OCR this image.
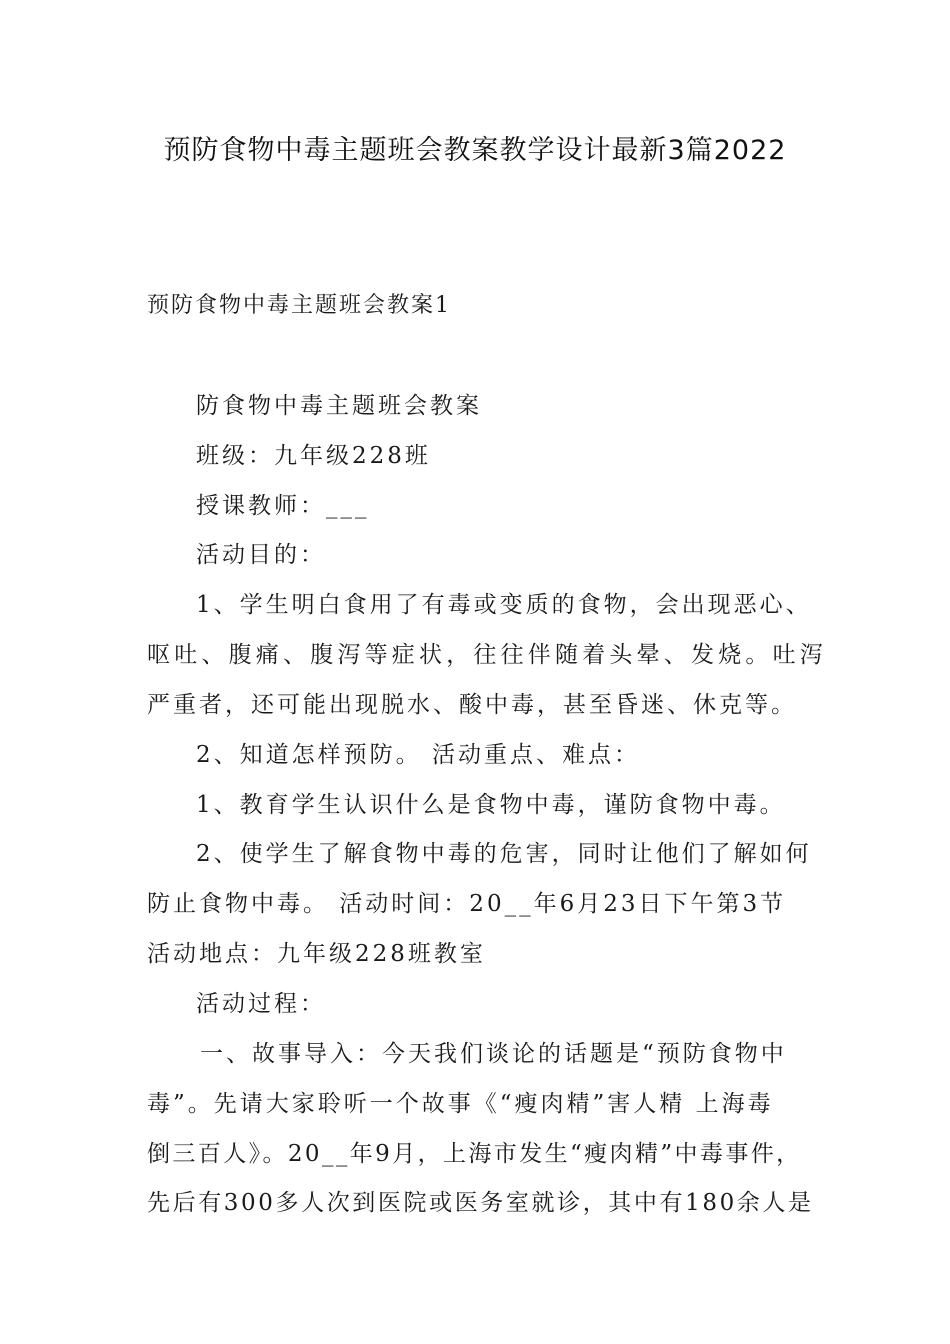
预防食物中毒主题班会教案教学设计最新3篇2022
预防食物中毒主题班会教案1
防食物中毒主题班会教案
班级：九年级228班
授课教师：___
活动目的：
1、学生明白食用了有毒或变质的食物，会出现恶心、
呕吐、腹痛、腹泻等症状，往往伴随着头晕、发烧。吐泻
严重者，还可能出现脱水、酸中毒，甚至昏迷、休克等。
2、知道怎样预防。 活动重点、难点：
1、教育学生认识什么是食物中毒，谨防食物中毒。
2、使学生了解食物中毒的危害，同时让他们了解如何
防止食物中毒。 活动时间：20__年6月23日下午第3节
活动地点：九年级228班教室
活动过程：
一、故事导入：今天我们谈论的话题是“预防食物中
毒”。先请大家聆听一个故事《“瘦肉精”害人精 上海毒
倒三百人》。20__年9月，上海市发生“瘦肉精”中毒事件，
先后有300多人次到医院或医务室就诊，其中有180余人是
